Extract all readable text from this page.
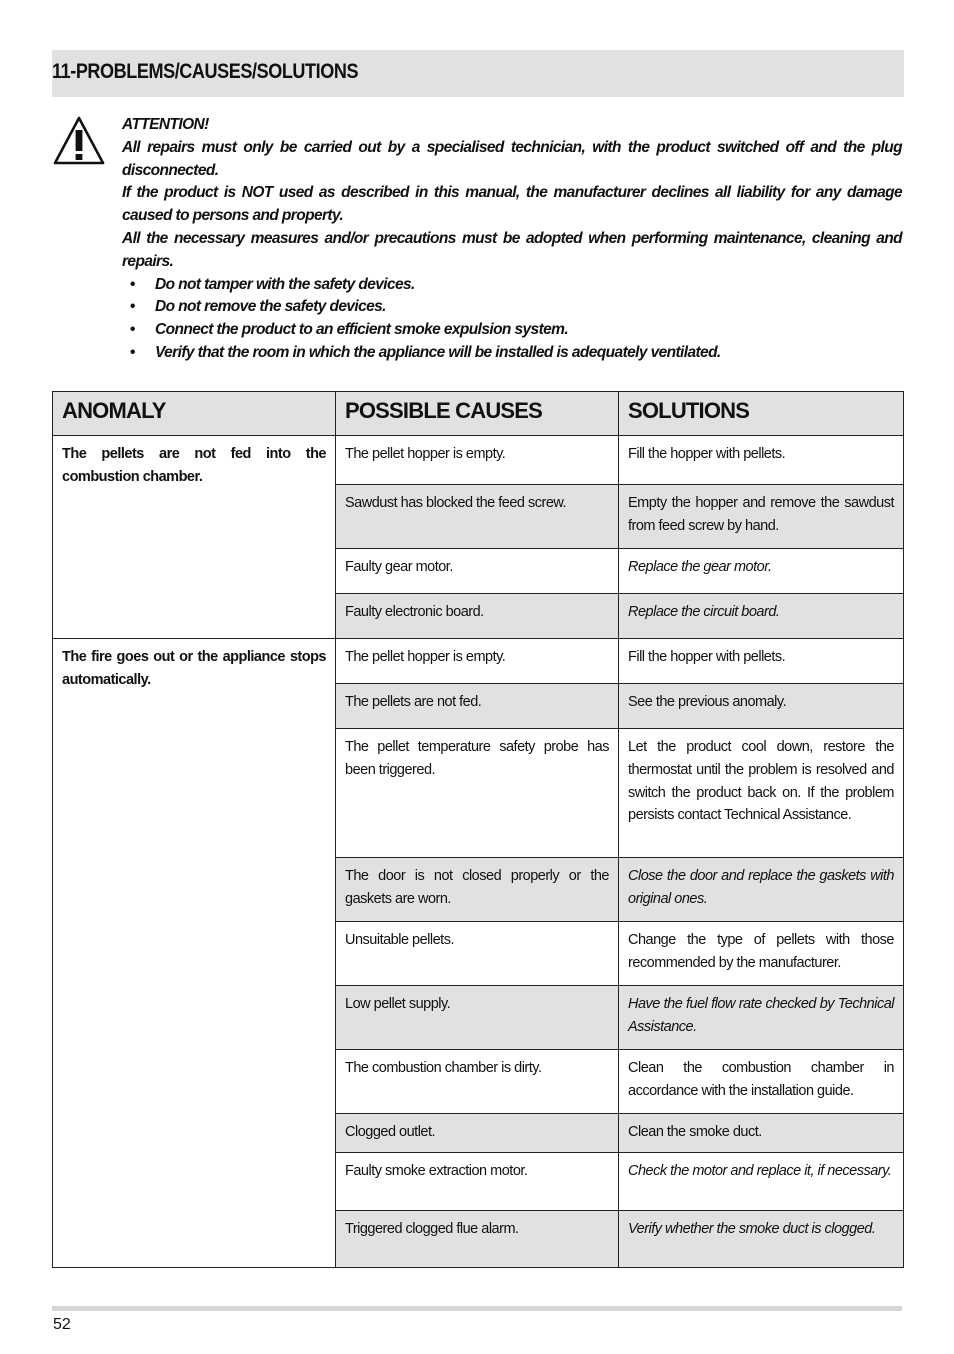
11-PROBLEMS/CAUSES/SOLUTIONS

ATTENTION!

All repairs must only be carried out by a specialised technician, with the product switched off and the plug disconnected.

If the product is NOT used as described in this manual, the manufacturer declines all liability for any damage caused to persons and property.

All the necessary measures and/or precautions must be adopted when performing maintenance, cleaning and repairs.

• Do not tamper with the safety devices.
• Do not remove the safety devices.
• Connect the product to an efficient smoke expulsion system.
• Verify that the room in which the appliance will be installed is adequately ventilated.
ANOMALY	POSSIBLE CAUSES	SOLUTIONS
The pellets are not fed into the combustion chamber.	The pellet hopper is empty.	Fill the hopper with pellets.
	Sawdust has blocked the feed screw.	Empty the hopper and remove the sawdust from feed screw by hand.
	Faulty gear motor.	Replace the gear motor.
	Faulty electronic board.	Replace the circuit board.
The fire goes out or the appliance stops automatically.	The pellet hopper is empty.	Fill the hopper with pellets.
	The pellets are not fed.	See the previous anomaly.
	The pellet temperature safety probe has been triggered.	Let the product cool down, restore the thermostat until the problem is resolved and switch the product back on. If the problem persists contact Technical Assistance.
	The door is not closed properly or the gaskets are worn.	Close the door and replace the gaskets with original ones.
	Unsuitable pellets.	Change the type of pellets with those recommended by the manufacturer.
	Low pellet supply.	Have the fuel flow rate checked by Technical Assistance.
	The combustion chamber is dirty.	Clean the combustion chamber in accordance with the installation guide.
	Clogged outlet.	Clean the smoke duct.
	Faulty smoke extraction motor.	Check the motor and replace it, if necessary.
	Triggered clogged flue alarm.	Verify whether the smoke duct is clogged.
52
